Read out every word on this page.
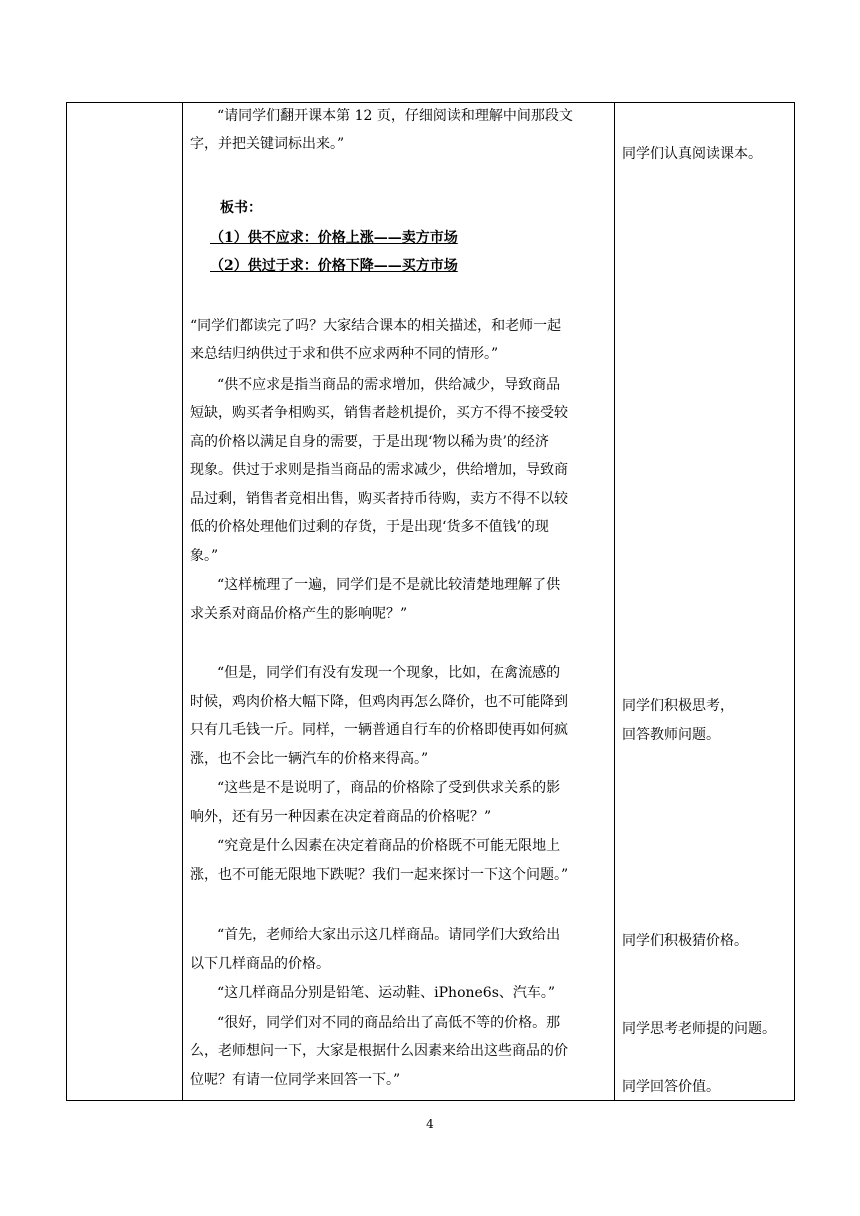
“请同学们翻开课本第 12 页，仔细阅读和理解中间那段文
字，并把关键词标出来。”
板书：
（1）供不应求：价格上涨——卖方市场
（2）供过于求：价格下降——买方市场
“同学们都读完了吗？大家结合课本的相关描述，和老师一起
来总结归纳供过于求和供不应求两种不同的情形。”
“供不应求是指当商品的需求增加，供给减少，导致商品
短缺，购买者争相购买，销售者趁机提价，买方不得不接受较
高的价格以满足自身的需要，于是出现‘物以稀为贵’的经济
现象。供过于求则是指当商品的需求减少，供给增加，导致商
品过剩，销售者竞相出售，购买者持币待购，卖方不得不以较
低的价格处理他们过剩的存货，于是出现‘货多不值钱’的现
象。”
“这样梳理了一遍，同学们是不是就比较清楚地理解了供
求关系对商品价格产生的影响呢？”
“但是，同学们有没有发现一个现象，比如，在禽流感的
时候，鸡肉价格大幅下降，但鸡肉再怎么降价，也不可能降到
只有几毛钱一斤。同样，一辆普通自行车的价格即使再如何疯
涨，也不会比一辆汽车的价格来得高。”
“这些是不是说明了，商品的价格除了受到供求关系的影
响外，还有另一种因素在决定着商品的价格呢？”
“究竟是什么因素在决定着商品的价格既不可能无限地上
涨，也不可能无限地下跌呢？我们一起来探讨一下这个问题。”
“首先，老师给大家出示这几样商品。请同学们大致给出
以下几样商品的价格。
“这几样商品分别是铅笔、运动鞋、iPhone6s、汽车。”
“很好，同学们对不同的商品给出了高低不等的价格。那
么，老师想问一下，大家是根据什么因素来给出这些商品的价
位呢？有请一位同学来回答一下。”
同学们认真阅读课本。
同学们积极思考，
回答教师问题。
同学们积极猜价格。
同学思考老师提的问题。
同学回答价值。
4
